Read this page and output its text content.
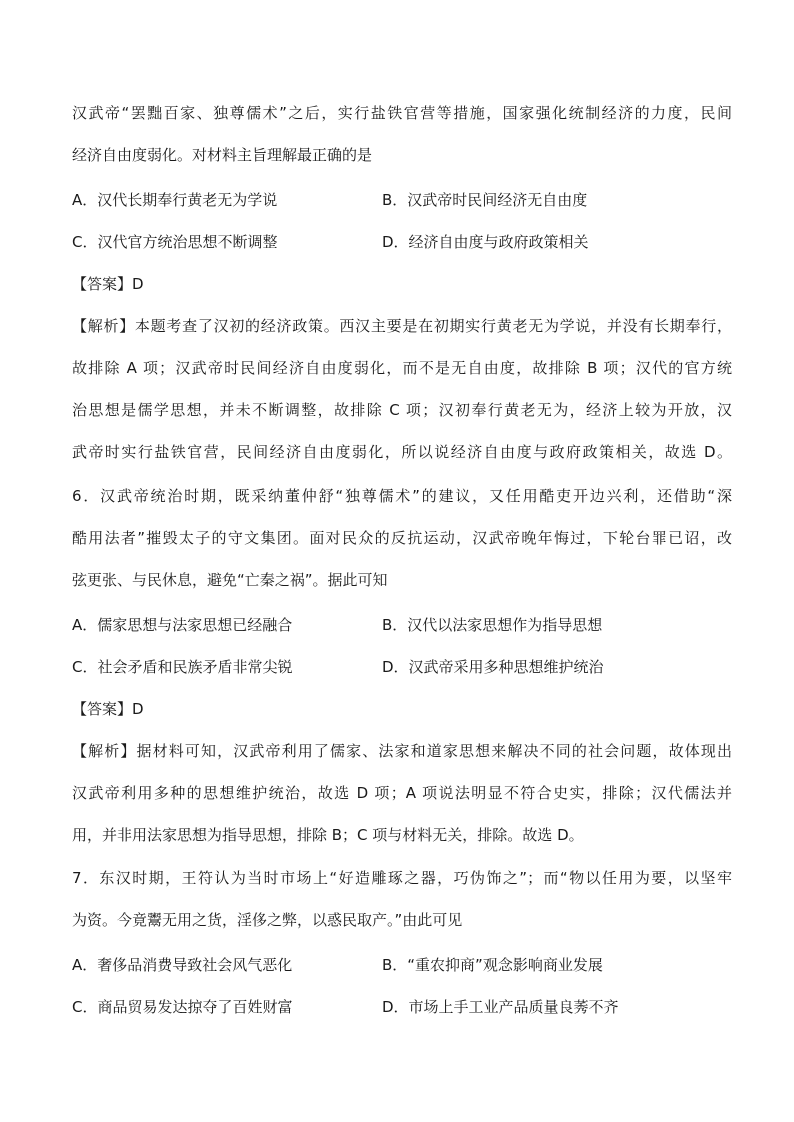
汉武帝“罢黜百家、独尊儒术”之后，实行盐铁官营等措施，国家强化统制经济的力度，民间
经济自由度弱化。对材料主旨理解最正确的是
A．汉代长期奉行黄老无为学说	B．汉武帝时民间经济无自由度
C．汉代官方统治思想不断调整	D．经济自由度与政府政策相关
【答案】D
【解析】本题考查了汉初的经济政策。西汉主要是在初期实行黄老无为学说，并没有长期奉行，
故排除 A 项；汉武帝时民间经济自由度弱化，而不是无自由度，故排除 B 项；汉代的官方统
治思想是儒学思想，并未不断调整，故排除 C 项；汉初奉行黄老无为，经济上较为开放，汉
武帝时实行盐铁官营，民间经济自由度弱化，所以说经济自由度与政府政策相关，故选 D。
6．汉武帝统治时期，既采纳董仲舒“独尊儒术”的建议，又任用酷吏开边兴利，还借助“深
酷用法者”摧毁太子的守文集团。面对民众的反抗运动，汉武帝晚年悔过，下轮台罪已诏，改
弦更张、与民休息，避免“亡秦之祸”。据此可知
A．儒家思想与法家思想已经融合	B．汉代以法家思想作为指导思想
C．社会矛盾和民族矛盾非常尖锐	D．汉武帝采用多种思想维护统治
【答案】D
【解析】据材料可知，汉武帝利用了儒家、法家和道家思想来解决不同的社会问题，故体现出
汉武帝利用多种的思想维护统治，故选 D 项；A 项说法明显不符合史实，排除；汉代儒法并
用，并非用法家思想为指导思想，排除 B；C 项与材料无关，排除。故选 D。
7．东汉时期，王符认为当时市场上“好造雕琢之器，巧伪饰之”；而“物以任用为要，以坚牢
为资。今竟鬻无用之货，淫侈之弊，以惑民取产。”由此可见
A．奢侈品消费导致社会风气恶化	B．“重农抑商”观念影响商业发展
C．商品贸易发达掠夺了百姓财富	D．市场上手工业产品质量良莠不齐
